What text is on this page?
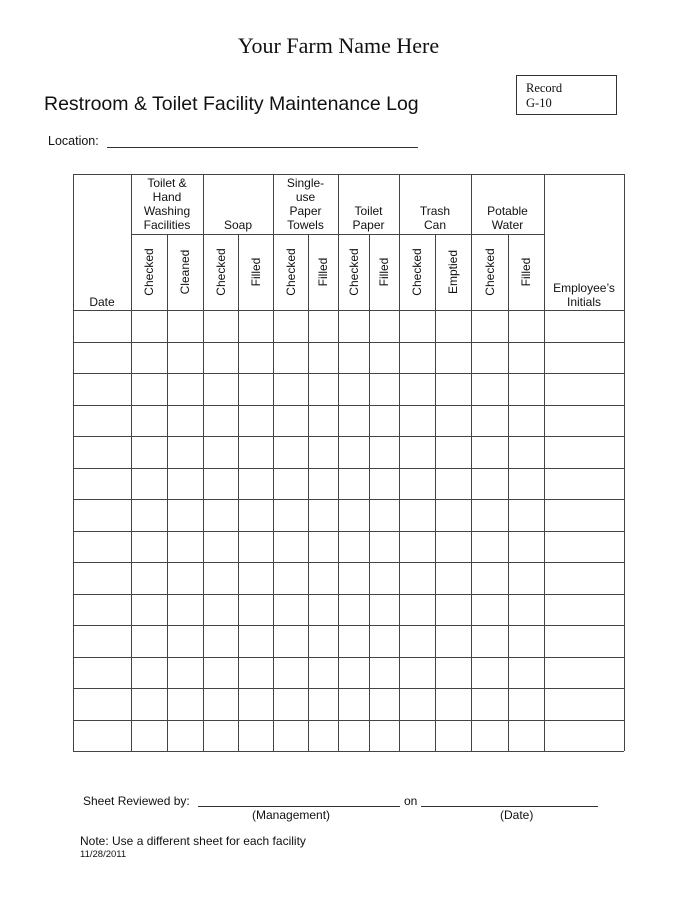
Your Farm Name Here
Restroom & Toilet Facility Maintenance Log
Record
G-10
Location:
Date
Employee’s
Initials
Toilet &
Hand
Washing
Facilities
Checked Cleaned
Soap
Checked Filled
Single-
use
Paper
Towels
Checked Filled
Toilet
Paper
Checked Filled
Trash
Can
Checked Emptied
Potable
Water
Checked Filled
Sheet Reviewed by:	on
(Management)	(Date)
Note: Use a different sheet for each facility
11/28/2011
